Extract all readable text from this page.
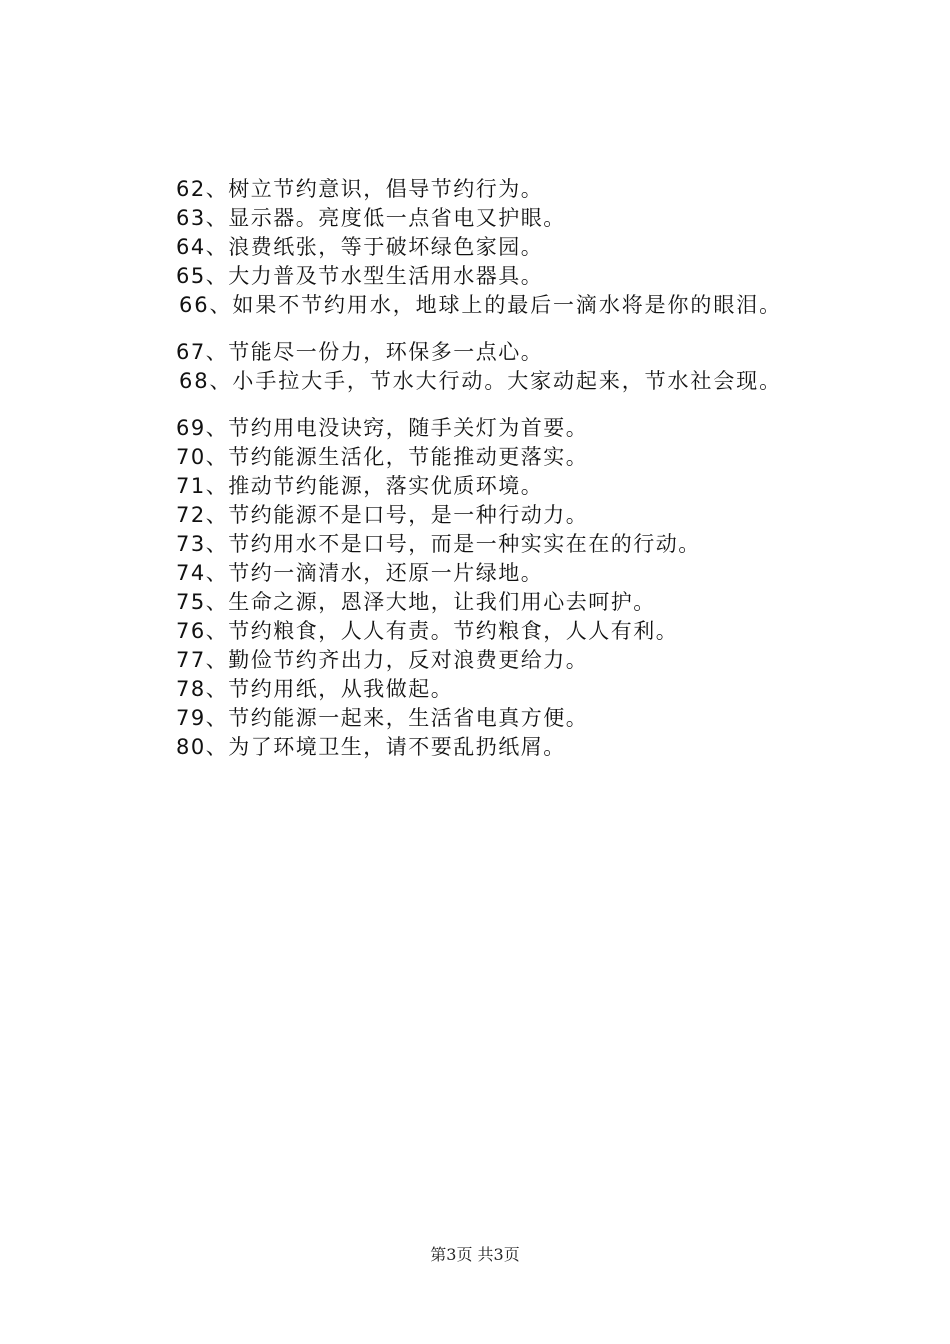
62、树立节约意识，倡导节约行为。
63、显示器。亮度低一点省电又护眼。
64、浪费纸张，等于破坏绿色家园。
65、大力普及节水型生活用水器具。
66、如果不节约用水，地球上的最后一滴水将是你的眼泪。
67、节能尽一份力，环保多一点心。
68、小手拉大手，节水大行动。大家动起来，节水社会现。
69、节约用电没诀窍，随手关灯为首要。
70、节约能源生活化，节能推动更落实。
71、推动节约能源，落实优质环境。
72、节约能源不是口号，是一种行动力。
73、节约用水不是口号，而是一种实实在在的行动。
74、节约一滴清水，还原一片绿地。
75、生命之源，恩泽大地，让我们用心去呵护。
76、节约粮食，人人有责。节约粮食，人人有利。
77、勤俭节约齐出力，反对浪费更给力。
78、节约用纸，从我做起。
79、节约能源一起来，生活省电真方便。
80、为了环境卫生，请不要乱扔纸屑。
第3页 共3页
